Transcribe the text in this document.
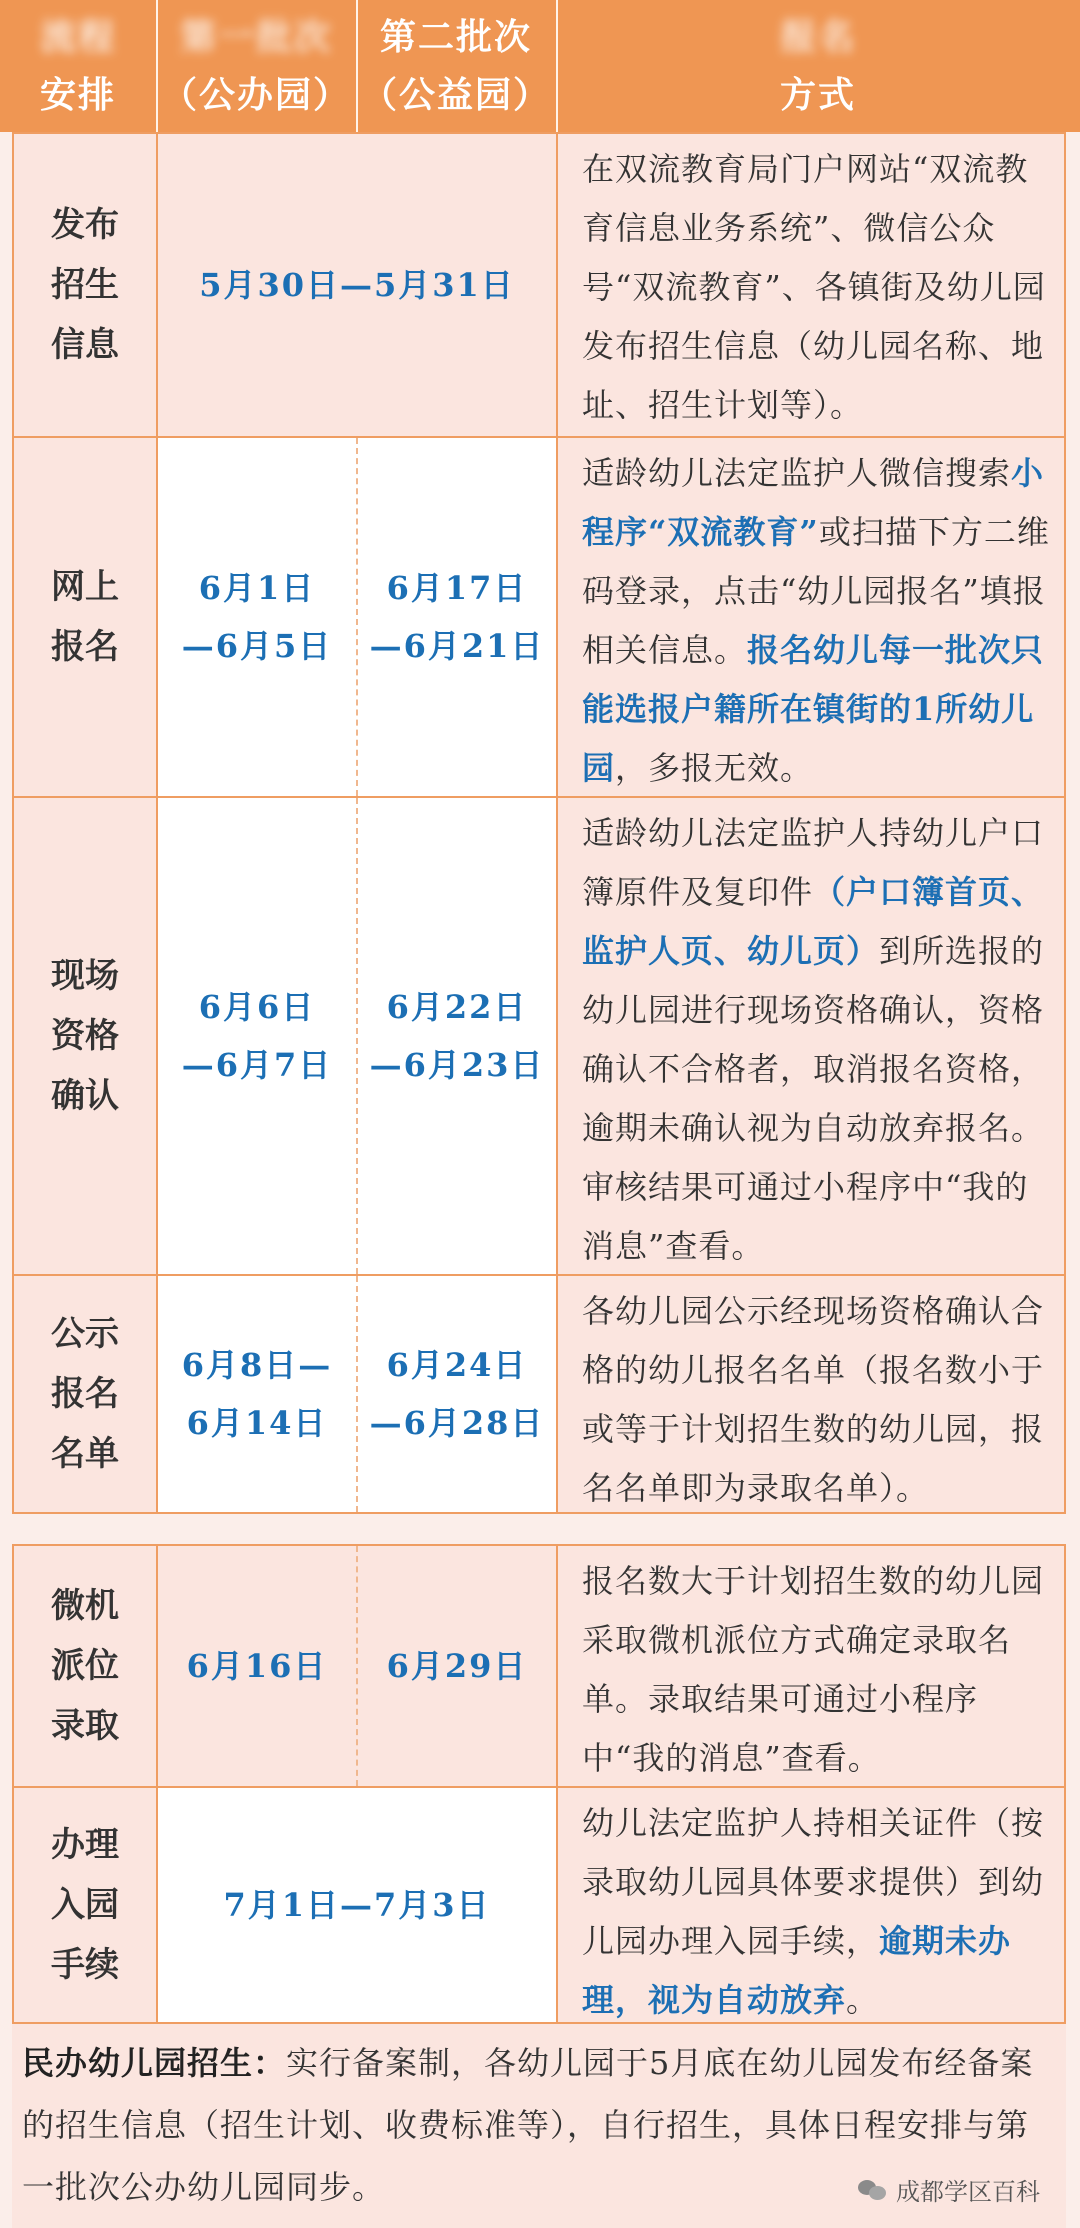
流程
安排
第一批次
（公办园）
第二批次
（公益园）
报名
方式
发布
招生
信息
5月30日—5月31日
在双流教育局门户网站“双流教育信息业务系统”、微信公众号“双流教育”、各镇街及幼儿园发布招生信息（幼儿园名称、地址、招生计划等）。
网上
报名
6月1日
—6月5日
6月17日
—6月21日
适龄幼儿法定监护人微信搜索小程序“双流教育”或扫描下方二维码登录，点击“幼儿园报名”填报相关信息。报名幼儿每一批次只能选报户籍所在镇街的1所幼儿园，多报无效。
现场
资格
确认
6月6日
—6月7日
6月22日
—6月23日
适龄幼儿法定监护人持幼儿户口簿原件及复印件（户口簿首页、监护人页、幼儿页）到所选报的幼儿园进行现场资格确认，资格确认不合格者，取消报名资格，逾期未确认视为自动放弃报名。审核结果可通过小程序中“我的消息”查看。
公示
报名
名单
6月8日—
6月14日
6月24日
—6月28日
各幼儿园公示经现场资格确认合格的幼儿报名名单（报名数小于或等于计划招生数的幼儿园，报名名单即为录取名单）。
微机
派位
录取
6月16日 6月29日
报名数大于计划招生数的幼儿园采取微机派位方式确定录取名单。录取结果可通过小程序中“我的消息”查看。
办理
入园
手续
7月1日—7月3日
幼儿法定监护人持相关证件（按录取幼儿园具体要求提供）到幼儿园办理入园手续，逾期未办理，视为自动放弃。
民办幼儿园招生：实行备案制，各幼儿园于5月底在幼儿园发布经备案的招生信息（招生计划、收费标准等），自行招生，具体日程安排与第一批次公办幼儿园同步。	成都学区百科
